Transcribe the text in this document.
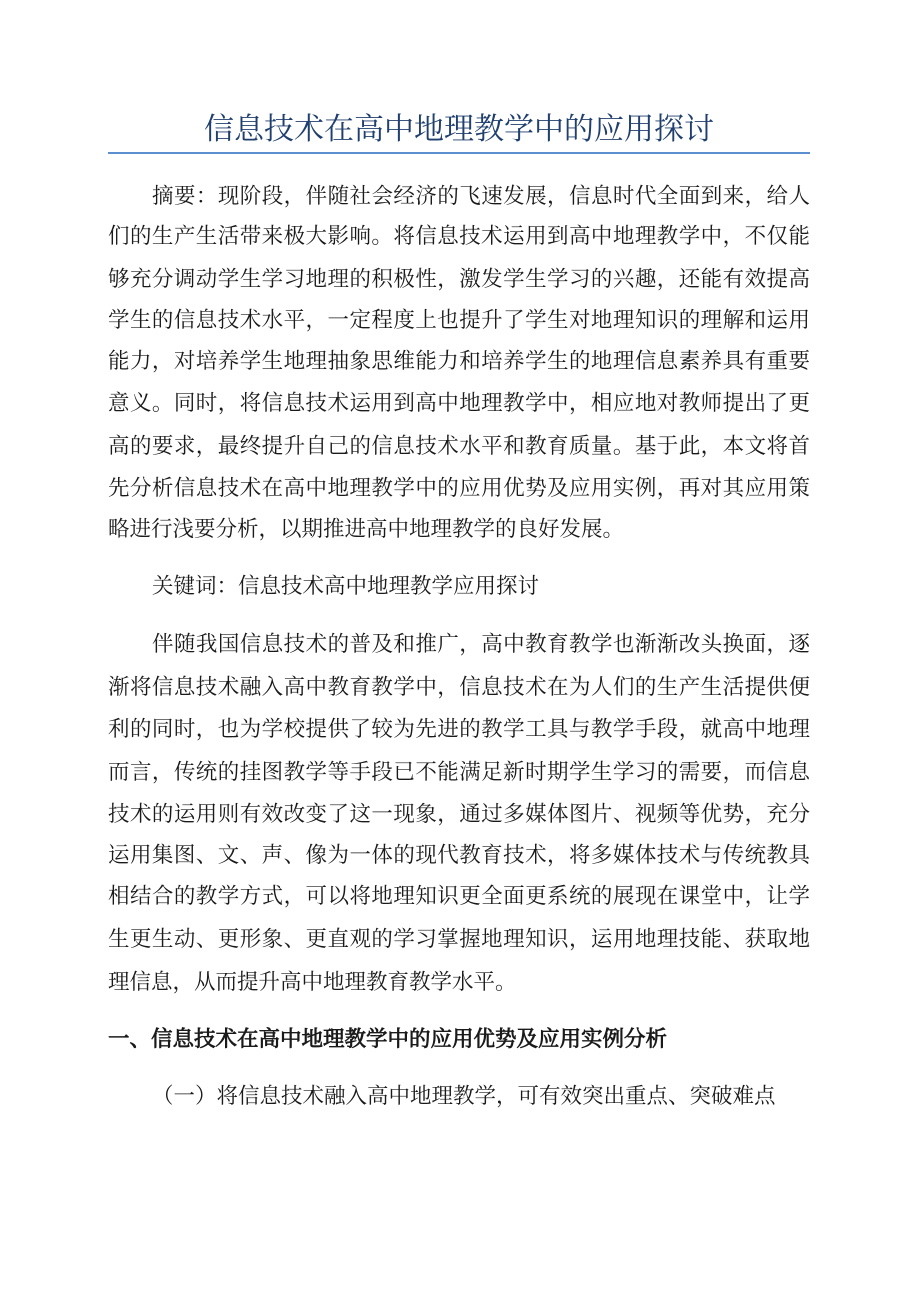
信息技术在高中地理教学中的应用探讨
摘要：现阶段，伴随社会经济的飞速发展，信息时代全面到来，给人
们的生产生活带来极大影响。将信息技术运用到高中地理教学中，不仅能
够充分调动学生学习地理的积极性，激发学生学习的兴趣，还能有效提高
学生的信息技术水平，一定程度上也提升了学生对地理知识的理解和运用
能力，对培养学生地理抽象思维能力和培养学生的地理信息素养具有重要
意义。同时，将信息技术运用到高中地理教学中，相应地对教师提出了更
高的要求，最终提升自己的信息技术水平和教育质量。基于此，本文将首
先分析信息技术在高中地理教学中的应用优势及应用实例，再对其应用策
略进行浅要分析，以期推进高中地理教学的良好发展。
关键词：信息技术高中地理教学应用探讨
伴随我国信息技术的普及和推广，高中教育教学也渐渐改头换面，逐
渐将信息技术融入高中教育教学中，信息技术在为人们的生产生活提供便
利的同时，也为学校提供了较为先进的教学工具与教学手段，就高中地理
而言，传统的挂图教学等手段已不能满足新时期学生学习的需要，而信息
技术的运用则有效改变了这一现象，通过多媒体图片、视频等优势，充分
运用集图、文、声、像为一体的现代教育技术，将多媒体技术与传统教具
相结合的教学方式，可以将地理知识更全面更系统的展现在课堂中，让学
生更生动、更形象、更直观的学习掌握地理知识，运用地理技能、获取地
理信息，从而提升高中地理教育教学水平。
一、信息技术在高中地理教学中的应用优势及应用实例分析
（一）将信息技术融入高中地理教学，可有效突出重点、突破难点
